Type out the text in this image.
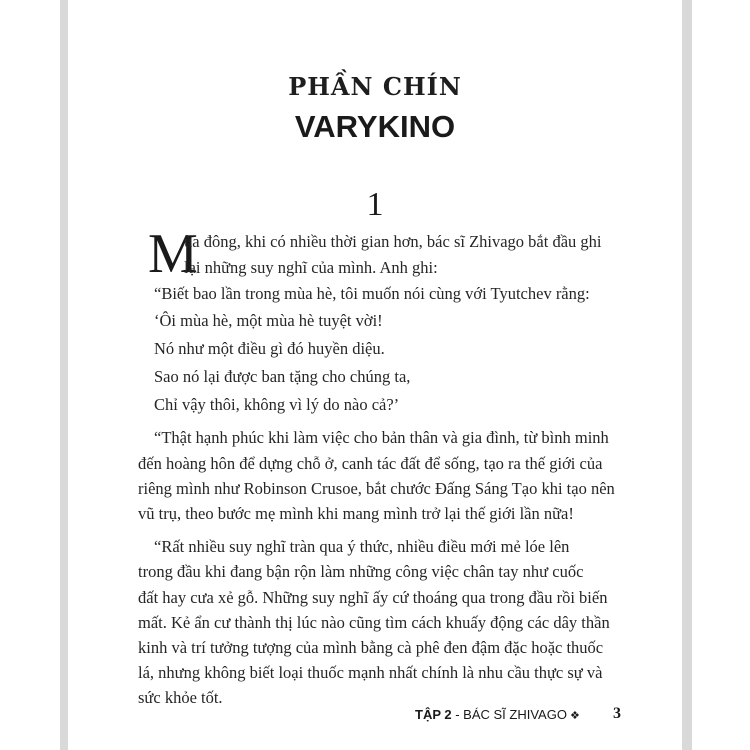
PHẦN CHÍN
VARYKINO
1
M
ùa đông, khi có nhiều thời gian hơn, bác sĩ Zhivago bắt đầu ghi
lại những suy nghĩ của mình. Anh ghi:
“Biết bao lần trong mùa hè, tôi muốn nói cùng với Tyutchev rằng:
‘Ôi mùa hè, một mùa hè tuyệt vời!
Nó như một điều gì đó huyền diệu.
Sao nó lại được ban tặng cho chúng ta,
Chỉ vậy thôi, không vì lý do nào cả?’
“Thật hạnh phúc khi làm việc cho bản thân và gia đình, từ bình minh
đến hoàng hôn để dựng chỗ ở, canh tác đất để sống, tạo ra thế giới của
riêng mình như Robinson Crusoe, bắt chước Đấng Sáng Tạo khi tạo nên
vũ trụ, theo bước mẹ mình khi mang mình trở lại thế giới lần nữa!
“Rất nhiều suy nghĩ tràn qua ý thức, nhiều điều mới mẻ lóe lên
trong đầu khi đang bận rộn làm những công việc chân tay như cuốc
đất hay cưa xẻ gỗ. Những suy nghĩ ấy cứ thoáng qua trong đầu rồi biến
mất. Kẻ ẩn cư thành thị lúc nào cũng tìm cách khuấy động các dây thần
kinh và trí tưởng tượng của mình bằng cà phê đen đậm đặc hoặc thuốc
lá, nhưng không biết loại thuốc mạnh nhất chính là nhu cầu thực sự và
sức khỏe tốt.
TẬP 2 - BÁC SĨ ZHIVAGO ❖ 3
